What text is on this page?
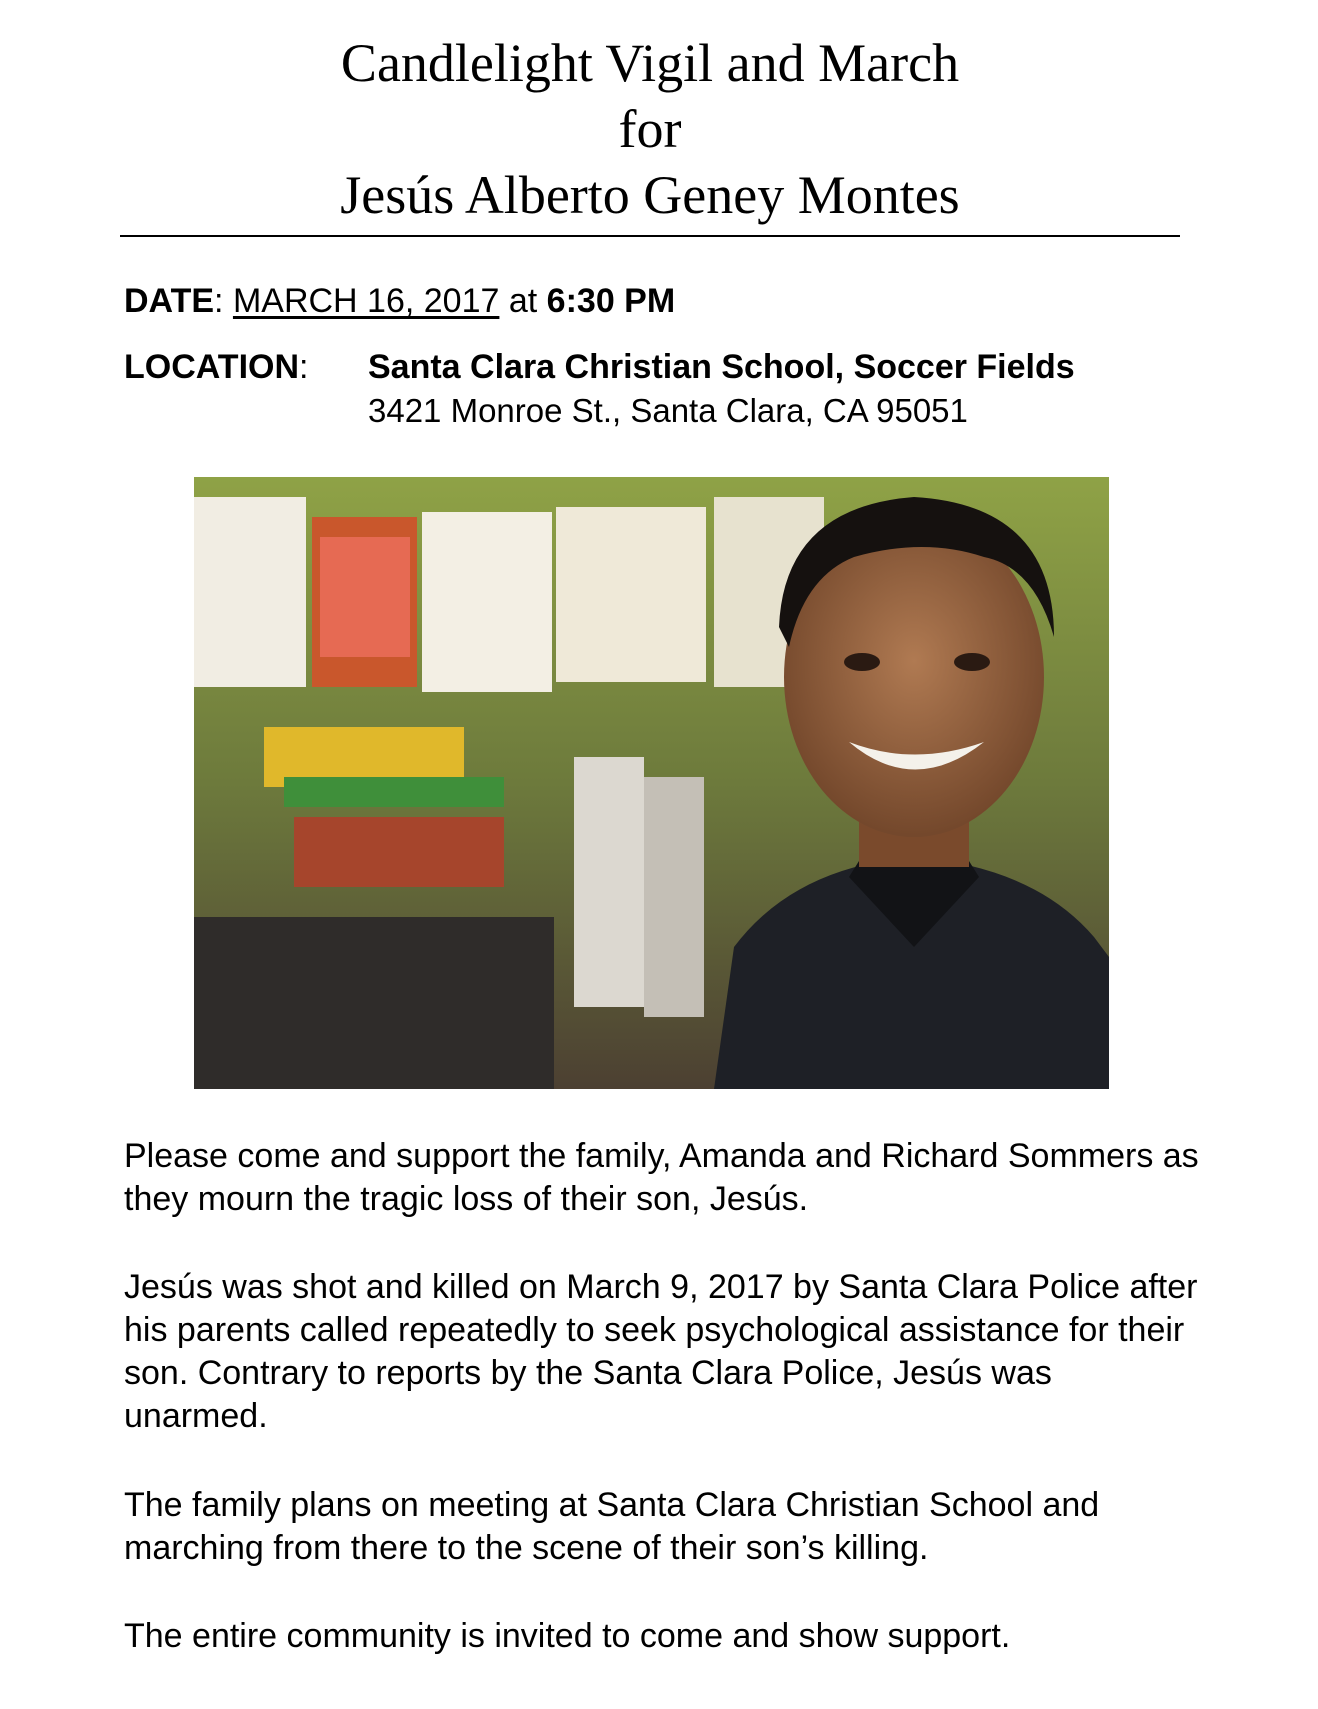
Candlelight Vigil and March
for
Jesús Alberto Geney Montes
DATE: MARCH 16, 2017 at 6:30 PM
LOCATION: Santa Clara Christian School, Soccer Fields
3421 Monroe St., Santa Clara, CA 95051

Please come and support the family, Amanda and Richard Sommers as they mourn the tragic loss of their son, Jesús.

Jesús was shot and killed on March 9, 2017 by Santa Clara Police after his parents called repeatedly to seek psychological assistance for their son. Contrary to reports by the Santa Clara Police, Jesús was unarmed.

The family plans on meeting at Santa Clara Christian School and marching from there to the scene of their son’s killing.

The entire community is invited to come and show support.
